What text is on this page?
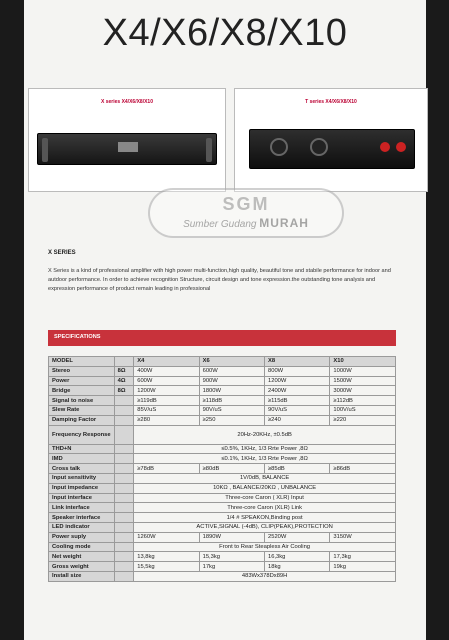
X4/X6/X8/X10
X series X4/X6/X8/X10	T series X4/X6/X8/X10
SGM
Sumber Gudang MURAH
X SERIES
X Series is a kind of professional amplifier with high power multi-function,high quality, beautiful tone and stabile performance for indoor and autdoor performance. In order to achieve recognition Structure, circuit design and tone expression.the outstanding tone analysis and expression performance of product remain leading in professional
SPECIFICATIONS
MODEL		X4	X6	X8	X10
Stereo	8Ω	400W	600W	800W	1000W
Power	4Ω	600W	900W	1200W	1500W
Bridge	8Ω	1200W	1800W	2400W	3000W
Signal to noise		≥119dB	≥118dB	≥115dB	≥112dB
Slew Rate		85V/uS	90V/uS	90V/uS	100V/uS
Damping Factor		≥280	≥250	≥240	≥220
Frequency Response		20Hz-20KHz, ±0.5dB			
THD+N		≤0.5%, 1KHz, 1/3 Rrte Power ,8Ω			
IMD		≤0.1%, 1KHz, 1/3 Rrte Power ,8Ω			
Cross talk		≥78dB	≥80dB	≥85dB	≥86dB
Input sensitivity		1V/0dB, BALANCE			
Input impedance		10KΩ , BALANCE/20KΩ , UNBALANCE			
Input interface		Three-core Caron ( XLR) Input			
Link interface		Three-core Caron (XLR) Link			
Speaker interface		1/4 # SPEAKON,Binding post			
LED indicator		ACTIVE,SIGNAL (-4dB), CLIP(PEAK),PROTECTION			
Power suply		1260W	1890W	2520W	3150W
Cooling mode		Front to Rear Steapless Air Cooling			
Net weight		13,8kg	15,3kg	16,3kg	17,3kg
Gross weight		15,5kg	17kg	18kg	19kg
Install size		483Wx378Dx89H			
